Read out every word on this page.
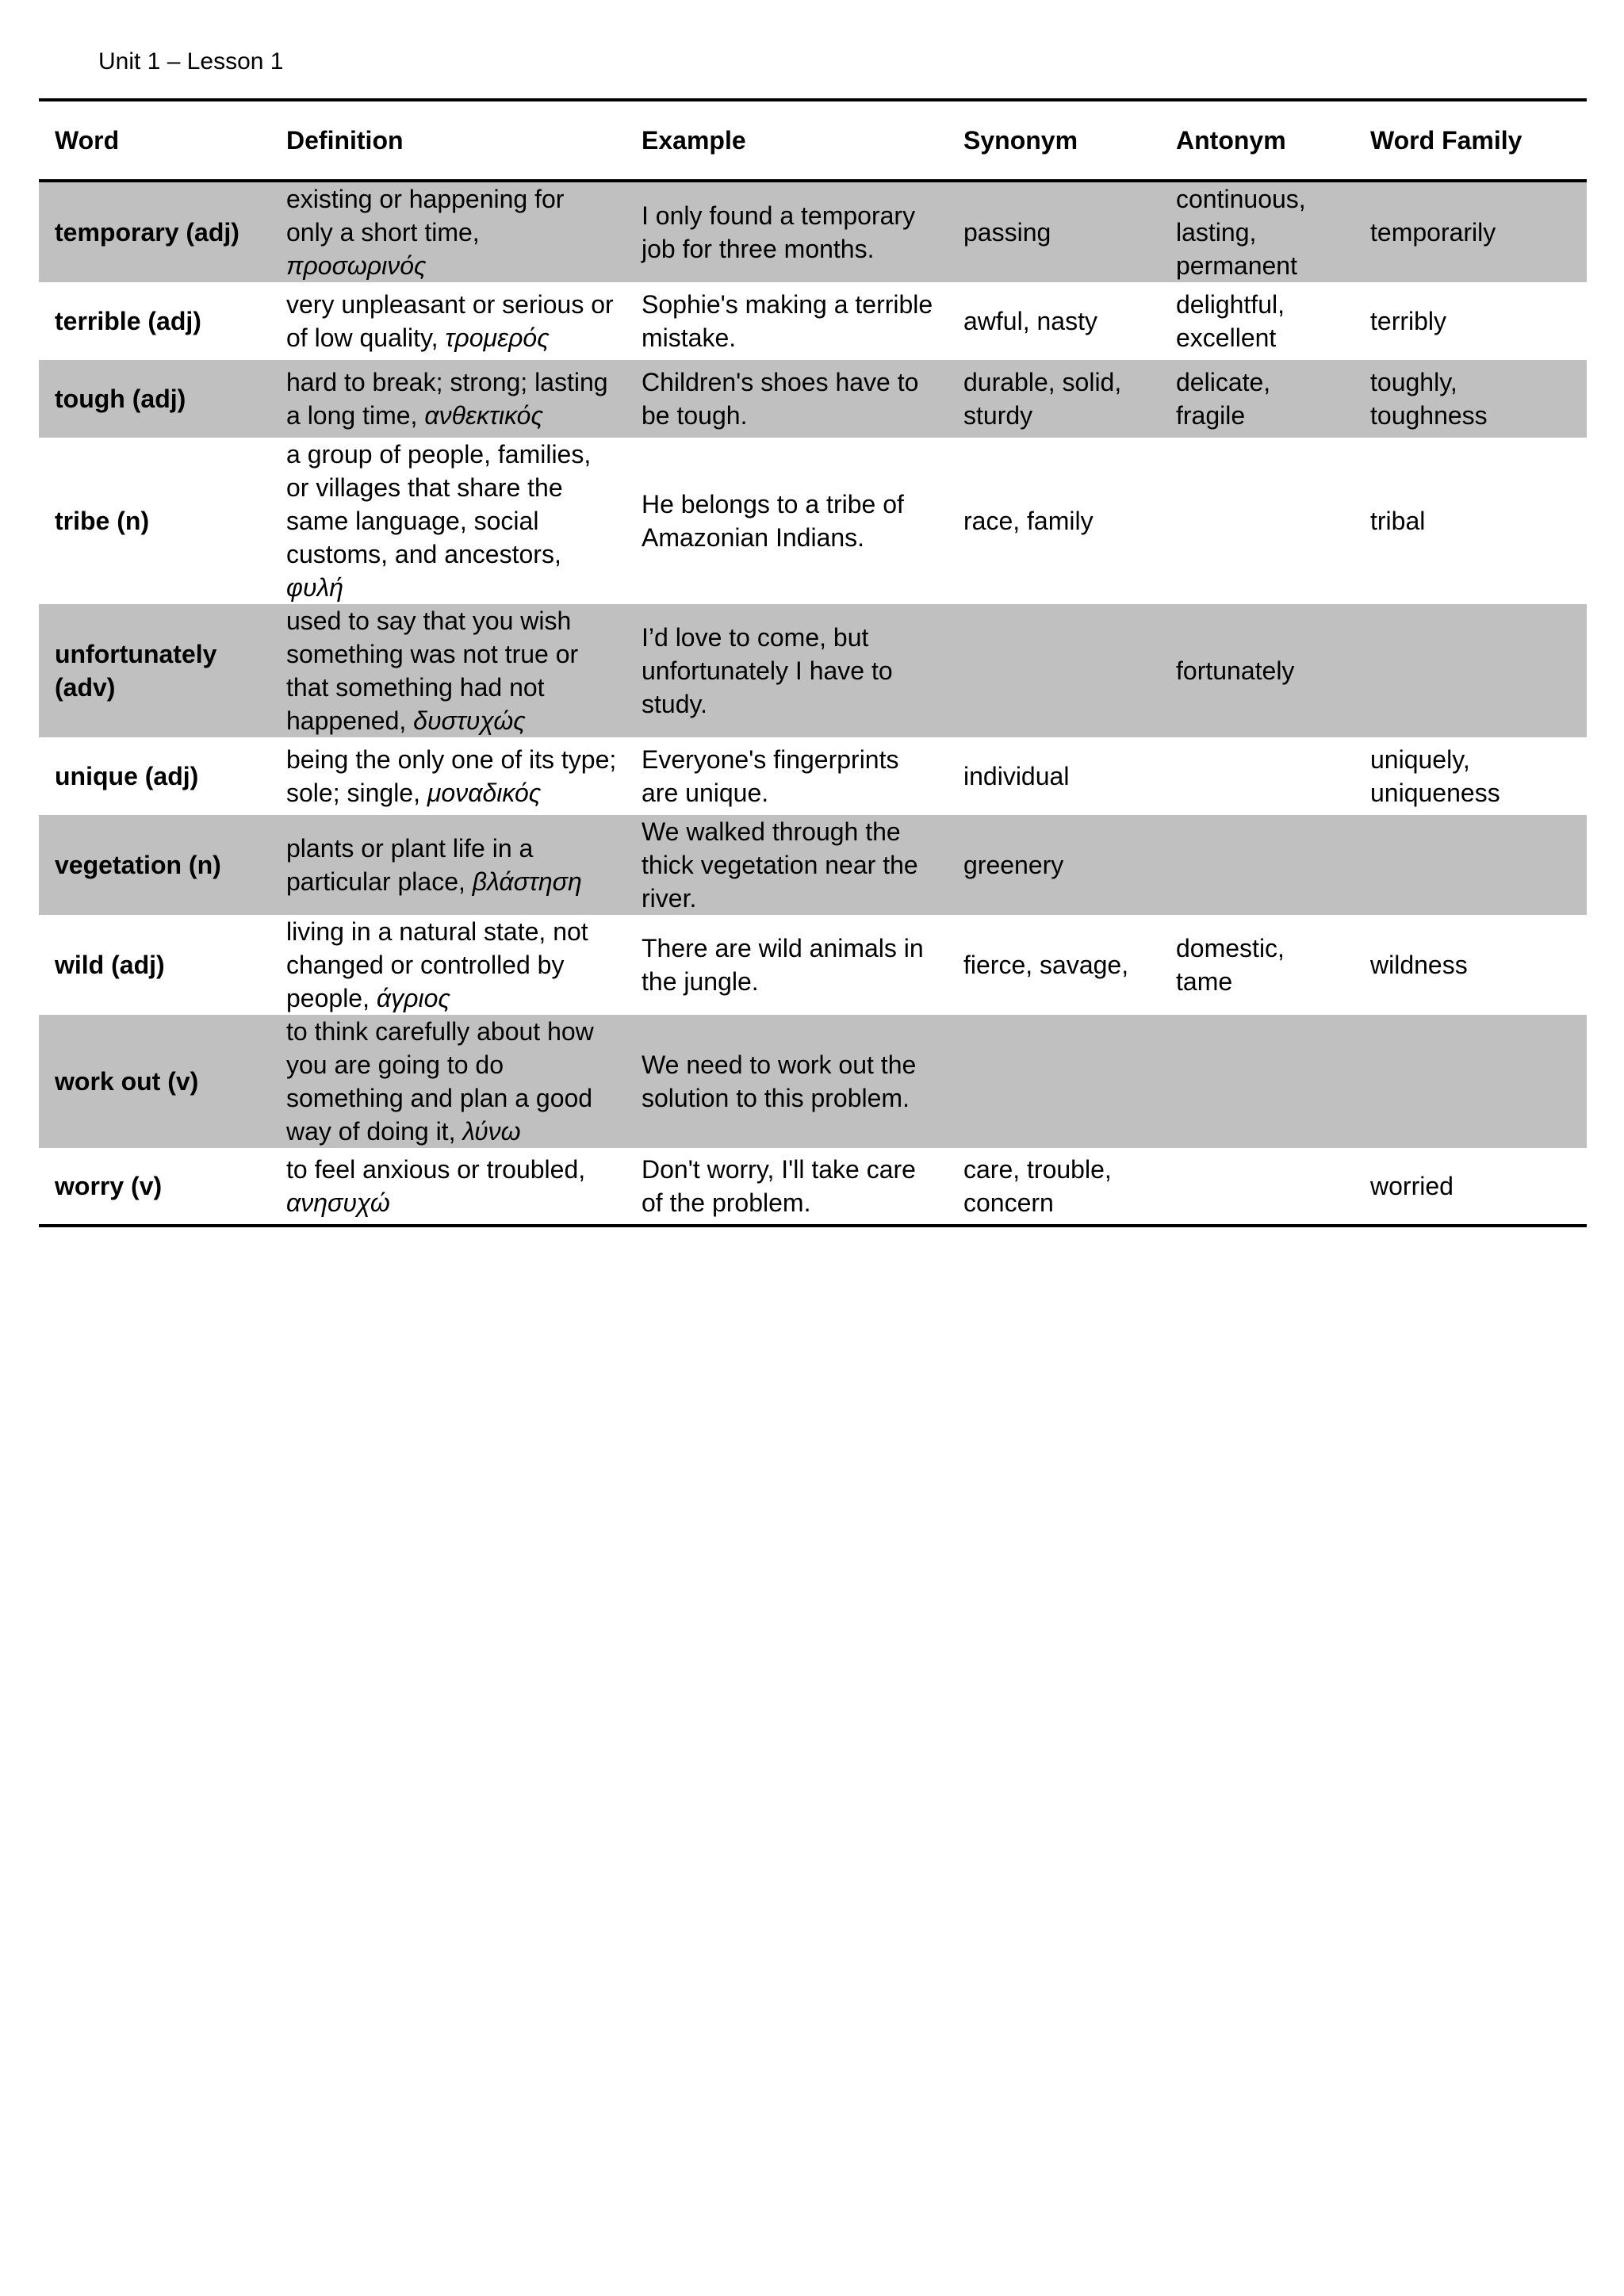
Unit 1 – Lesson 1
Word	Definition	Example	Synonym	Antonym	Word Family
temporary (adj)	existing or happening for only a short time, προσωρινός	I only found a temporary job for three months.	passing	continuous, lasting, permanent	temporarily
terrible (adj)	very unpleasant or serious or of low quality, τρομερός	Sophie's making a terrible mistake.	awful, nasty	delightful, excellent	terribly
tough (adj)	hard to break; strong; lasting a long time, ανθεκτικός	Children's shoes have to be tough.	durable, solid, sturdy	delicate, fragile	toughly, toughness
tribe (n)	a group of people, families, or villages that share the same language, social customs, and ancestors, φυλή	He belongs to a tribe of Amazonian Indians.	race, family		tribal
unfortunately (adv)	used to say that you wish something was not true or that something had not happened, δυστυχώς	I’d love to come, but unfortunately I have to study.		fortunately	
unique (adj)	being the only one of its type; sole; single, μοναδικός	Everyone's fingerprints are unique.	individual		uniquely, uniqueness
vegetation (n)	plants or plant life in a particular place, βλάστηση	We walked through the thick vegetation near the river.	greenery		
wild (adj)	living in a natural state, not changed or controlled by people, άγριος	There are wild animals in the jungle.	fierce, savage,	domestic, tame	wildness
work out (v)	to think carefully about how you are going to do something and plan a good way of doing it, λύνω	We need to work out the solution to this problem.			
worry (v)	to feel anxious or troubled, ανησυχώ	Don't worry, I'll take care of the problem.	care, trouble, concern		worried
